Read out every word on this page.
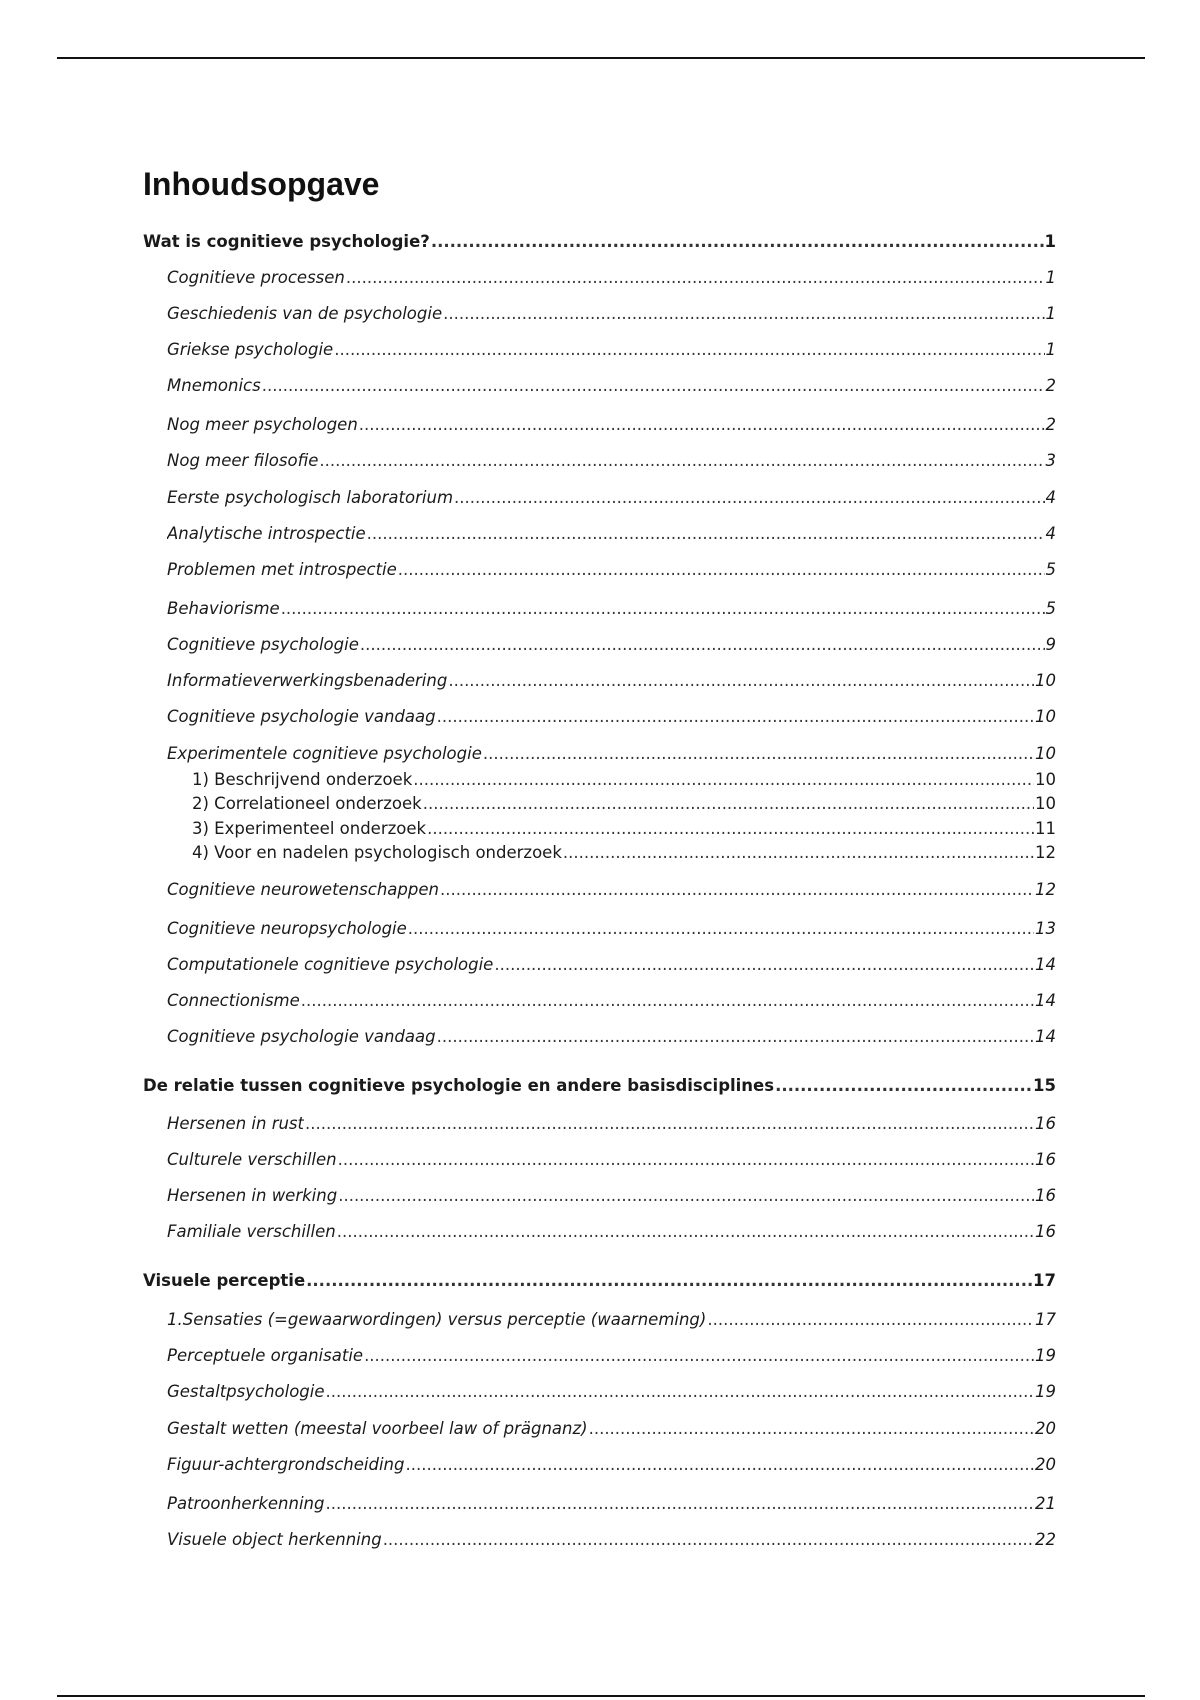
Inhoudsopgave
Wat is cognitieve psychologie? .....	1
Cognitieve processen .....	1
Geschiedenis van de psychologie .....	1
Griekse psychologie .....	1
Mnemonics .....	2
Nog meer psychologen .....	2
Nog meer filosofie .....	3
Eerste psychologisch laboratorium .....	4
Analytische introspectie .....	4
Problemen met introspectie .....	5
Behaviorisme .....	5
Cognitieve psychologie .....	9
Informatieverwerkingsbenadering .....	10
Cognitieve psychologie vandaag .....	10
Experimentele cognitieve psychologie .....	10
1) Beschrijvend onderzoek .....	10
2) Correlationeel onderzoek .....	10
3) Experimenteel onderzoek .....	11
4) Voor en nadelen psychologisch onderzoek .....	12
Cognitieve neurowetenschappen .....	12
Cognitieve neuropsychologie .....	13
Computationele cognitieve psychologie .....	14
Connectionisme .....	14
Cognitieve psychologie vandaag .....	14
De relatie tussen cognitieve psychologie en andere basisdisciplines .....	15
Hersenen in rust .....	16
Culturele verschillen .....	16
Hersenen in werking .....	16
Familiale verschillen .....	16
Visuele perceptie .....	17
1.Sensaties (=gewaarwordingen) versus perceptie (waarneming) .....	17
Perceptuele organisatie .....	19
Gestaltpsychologie .....	19
Gestalt wetten (meestal voorbeel law of prägnanz) .....	20
Figuur-achtergrondscheiding .....	20
Patroonherkenning .....	21
Visuele object herkenning .....	22
